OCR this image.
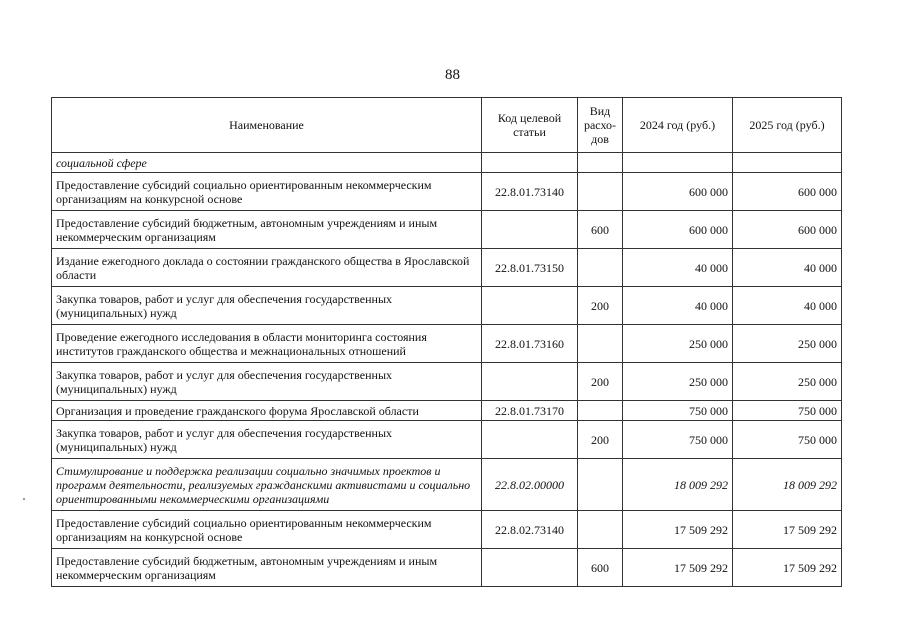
88
Наименование	Код целевой статьи	Вид расхо-дов	2024 год (руб.)	2025 год (руб.)
социальной сфере				
Предоставление субсидий социально ориентированным некоммерческим организациям на конкурсной основе	22.8.01.73140		600 000	600 000
Предоставление субсидий бюджетным, автономным учреждениям и иным некоммерческим организациям		600	600 000	600 000
Издание ежегодного доклада о состоянии гражданского общества в Ярославской области	22.8.01.73150		40 000	40 000
Закупка товаров, работ и услуг для обеспечения государственных (муниципальных) нужд		200	40 000	40 000
Проведение ежегодного исследования в области мониторинга состояния институтов гражданского общества и межнациональных отношений	22.8.01.73160		250 000	250 000
Закупка товаров, работ и услуг для обеспечения государственных (муниципальных) нужд		200	250 000	250 000
Организация и проведение гражданского форума Ярославской области	22.8.01.73170		750 000	750 000
Закупка товаров, работ и услуг для обеспечения государственных (муниципальных) нужд		200	750 000	750 000
Стимулирование и поддержка реализации социально значимых проектов и программ деятельности, реализуемых гражданскими активистами и социально ориентированными некоммерческими организациями	22.8.02.00000		18 009 292	18 009 292
Предоставление субсидий социально ориентированным некоммерческим организациям на конкурсной основе	22.8.02.73140		17 509 292	17 509 292
Предоставление субсидий бюджетным, автономным учреждениям и иным некоммерческим организациям		600	17 509 292	17 509 292
